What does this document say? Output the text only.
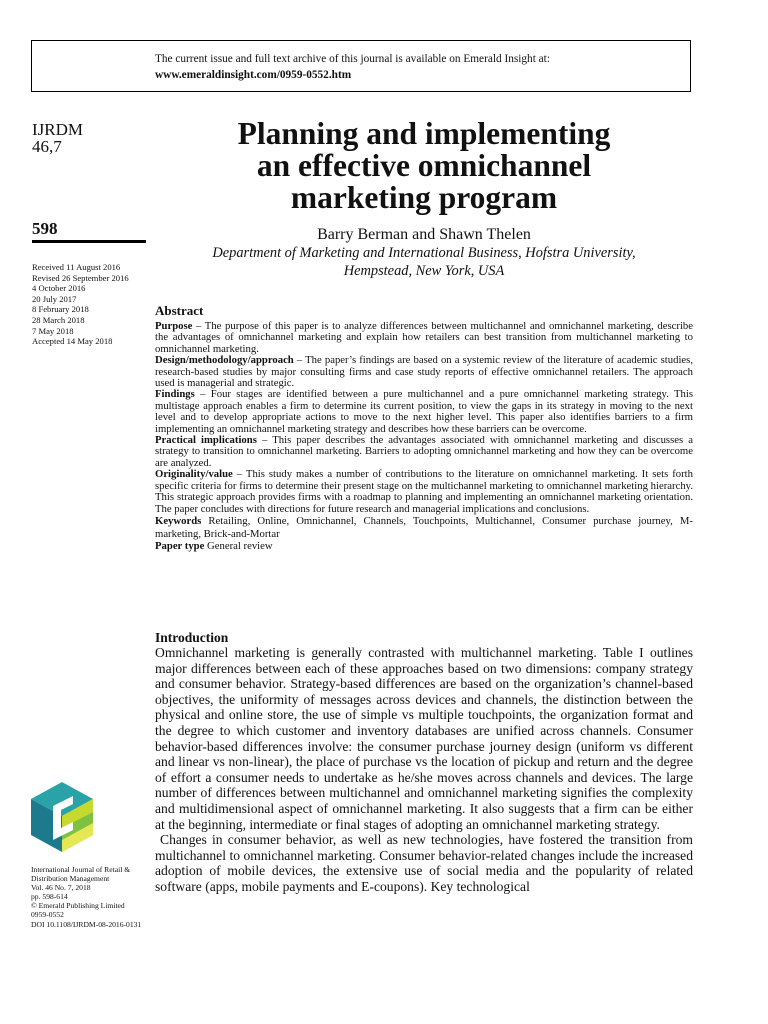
The current issue and full text archive of this journal is available on Emerald Insight at:
www.emeraldinsight.com/0959-0552.htm
IJRDM
46,7
598
Received 11 August 2016
Revised 26 September 2016
4 October 2016
20 July 2017
8 February 2018
28 March 2018
7 May 2018
Accepted 14 May 2018
Planning and implementing
an effective omnichannel
marketing program
Barry Berman and Shawn Thelen
Department of Marketing and International Business, Hofstra University,
Hempstead, New York, USA
Abstract

Purpose – The purpose of this paper is to analyze differences between multichannel and omnichannel marketing, describe the advantages of omnichannel marketing and explain how retailers can best transition from multichannel marketing to omnichannel marketing.

Design/methodology/approach – The paper’s findings are based on a systemic review of the literature of academic studies, research-based studies by major consulting firms and case study reports of effective omnichannel retailers. The approach used is managerial and strategic.

Findings – Four stages are identified between a pure multichannel and a pure omnichannel marketing strategy. This multistage approach enables a firm to determine its current position, to view the gaps in its strategy in moving to the next level and to develop appropriate actions to move to the next higher level. This paper also identifies barriers to a firm implementing an omnichannel marketing strategy and describes how these barriers can be overcome.

Practical implications – This paper describes the advantages associated with omnichannel marketing and discusses a strategy to transition to omnichannel marketing. Barriers to adopting omnichannel marketing and how they can be overcome are analyzed.

Originality/value – This study makes a number of contributions to the literature on omnichannel marketing. It sets forth specific criteria for firms to determine their present stage on the multichannel marketing to omnichannel marketing hierarchy. This strategic approach provides firms with a roadmap to planning and implementing an omnichannel marketing orientation. The paper concludes with directions for future research and managerial implications and conclusions.

Keywords Retailing, Online, Omnichannel, Channels, Touchpoints, Multichannel, Consumer purchase journey, M-marketing, Brick-and-Mortar

Paper type General review

Introduction

Omnichannel marketing is generally contrasted with multichannel marketing. Table I outlines major differences between each of these approaches based on two dimensions: company strategy and consumer behavior. Strategy-based differences are based on the organization’s channel-based objectives, the uniformity of messages across devices and channels, the distinction between the physical and online store, the use of simple vs multiple touchpoints, the organization format and the degree to which customer and inventory databases are unified across channels. Consumer behavior-based differences involve: the consumer purchase journey design (uniform vs different and linear vs non-linear), the place of purchase vs the location of pickup and return and the degree of effort a consumer needs to undertake as he/she moves across channels and devices. The large number of differences between multichannel and omnichannel marketing signifies the complexity and multidimensional aspect of omnichannel marketing. It also suggests that a firm can be either at the beginning, intermediate or final stages of adopting an omnichannel marketing strategy.

Changes in consumer behavior, as well as new technologies, have fostered the transition from multichannel to omnichannel marketing. Consumer behavior-related changes include the increased adoption of mobile devices, the extensive use of social media and the popularity of related software (apps, mobile payments and E-coupons). Key technological

International Journal of Retail &
Distribution Management
Vol. 46 No. 7, 2018
pp. 598-614
© Emerald Publishing Limited
0959-0552
DOI 10.1108/IJRDM-08-2016-0131
